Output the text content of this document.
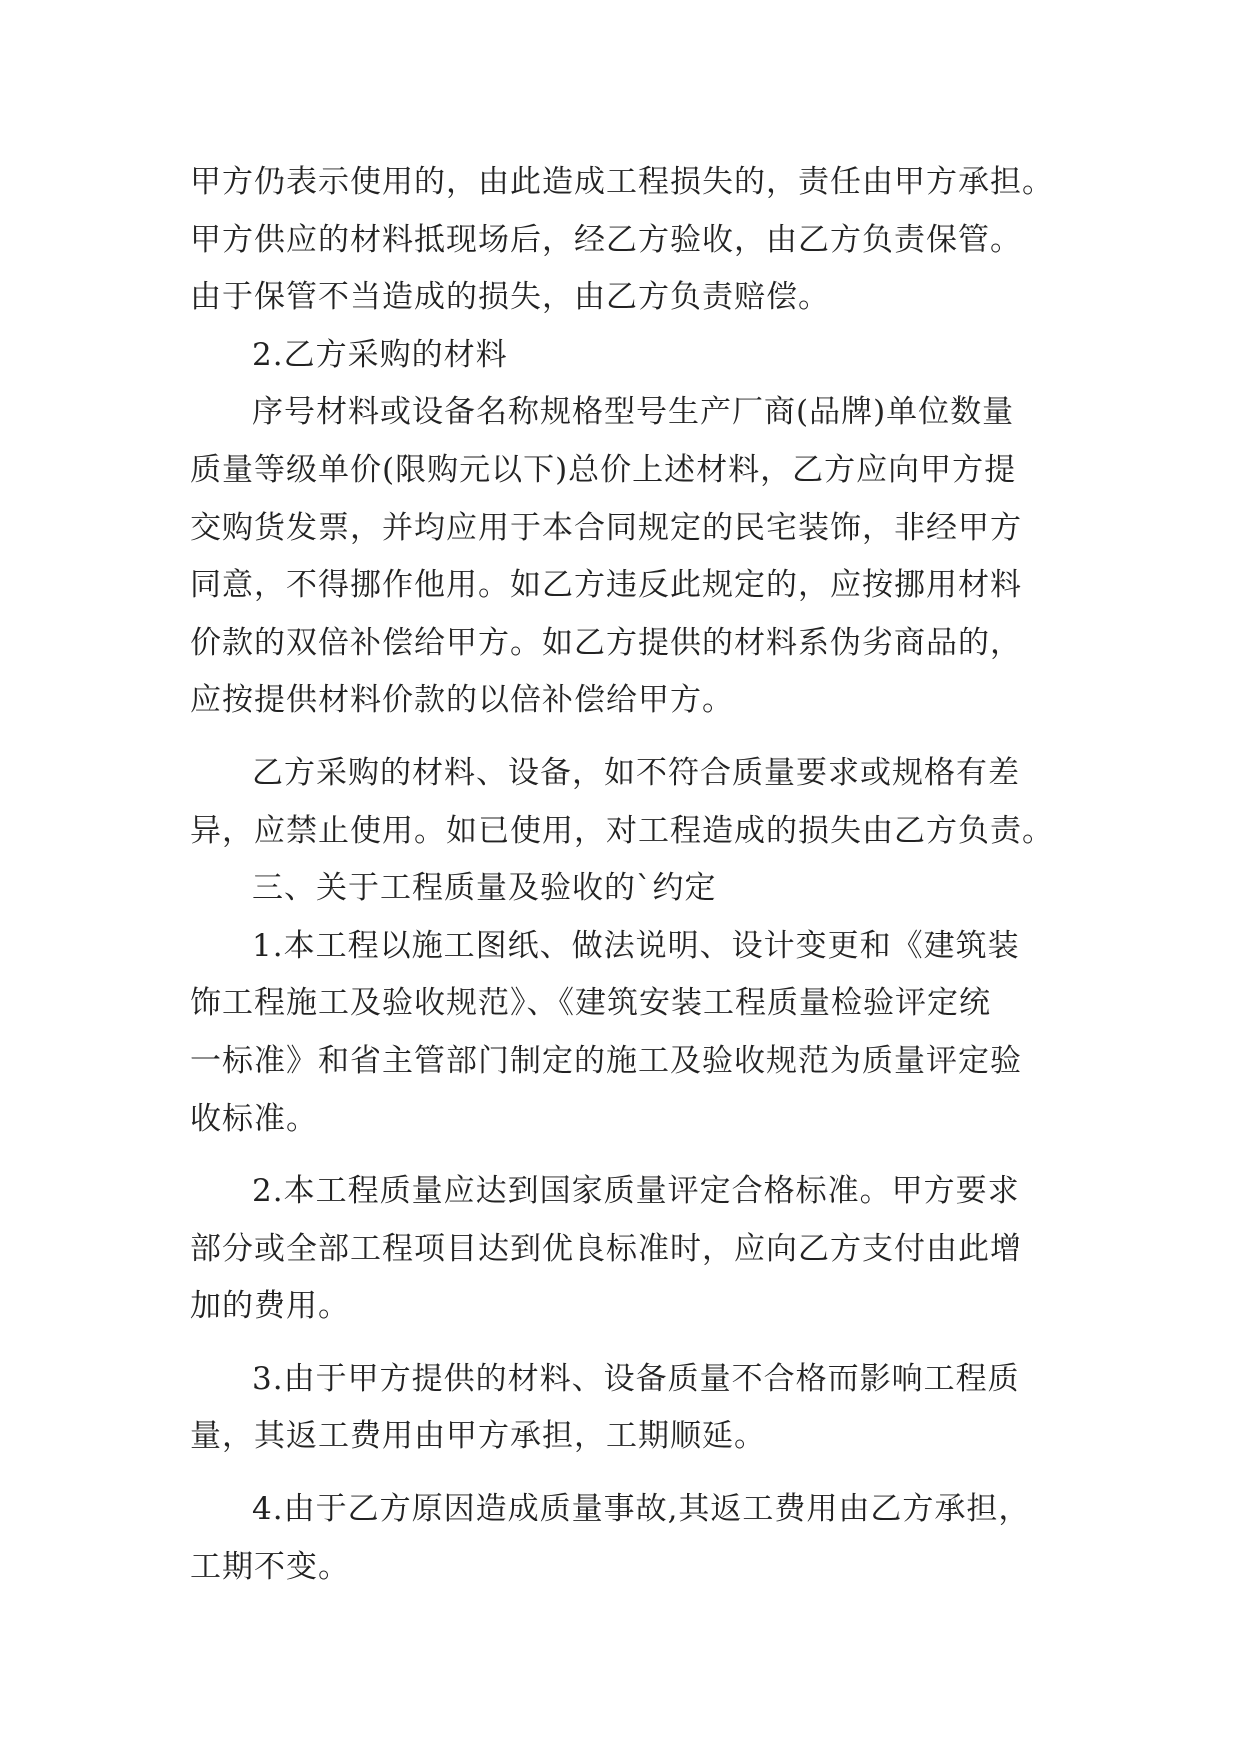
甲方仍表示使用的，由此造成工程损失的，责任由甲方承担。
甲方供应的材料抵现场后，经乙方验收，由乙方负责保管。
由于保管不当造成的损失，由乙方负责赔偿。

2.乙方采购的材料

序号材料或设备名称规格型号生产厂商(品牌)单位数量
质量等级单价(限购元以下)总价上述材料，乙方应向甲方提
交购货发票，并均应用于本合同规定的民宅装饰，非经甲方
同意，不得挪作他用。如乙方违反此规定的，应按挪用材料
价款的双倍补偿给甲方。如乙方提供的材料系伪劣商品的，
应按提供材料价款的以倍补偿给甲方。

乙方采购的材料、设备，如不符合质量要求或规格有差
异，应禁止使用。如已使用，对工程造成的损失由乙方负责。

三、关于工程质量及验收的`约定

1.本工程以施工图纸、做法说明、设计变更和《建筑装
饰工程施工及验收规范》、《建筑安装工程质量检验评定统
一标准》和省主管部门制定的施工及验收规范为质量评定验
收标准。

2.本工程质量应达到国家质量评定合格标准。甲方要求
部分或全部工程项目达到优良标准时，应向乙方支付由此增
加的费用。

3.由于甲方提供的材料、设备质量不合格而影响工程质
量，其返工费用由甲方承担，工期顺延。

4.由于乙方原因造成质量事故,其返工费用由乙方承担，
工期不变。
